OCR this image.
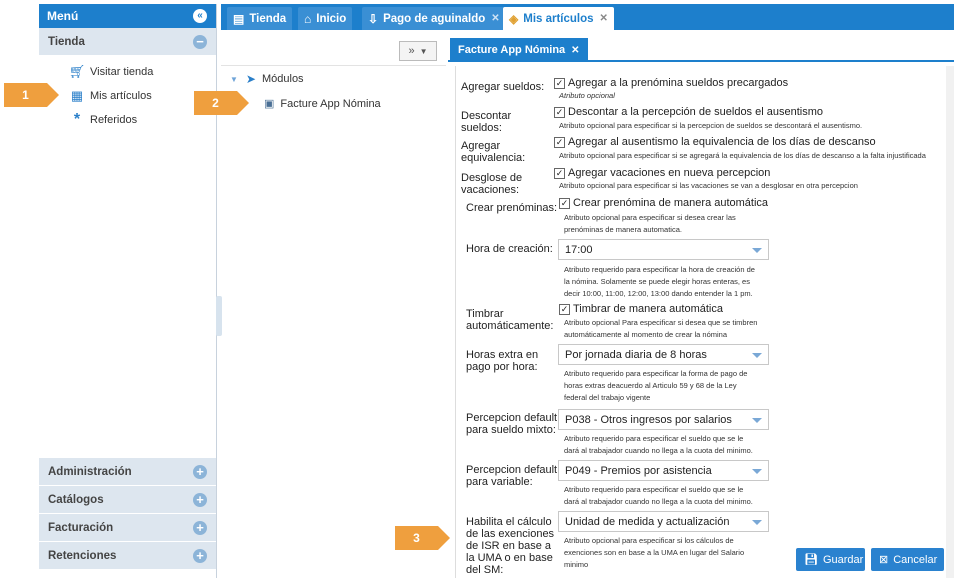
Menú	«
Tienda	−
🛒︎ Visitar tienda
▦ Mis artículos
* Referidos
Administración	+
Catálogos	+
Facturación	+
Retenciones	+
1
2
3
▤ Tienda ⌂ Inicio ⇩ Pago de aguinaldo ✕ ◈ Mis artículos ✕
» ▼
▼ ➤ Módulos
▣ Facture App Nómina
Facture App Nómina ✕
Agregar sueldos: ✓ Agregar a la prenómina sueldos precargados
Atributo opcional
Descontar
sueldos:
✓ Descontar a la percepción de sueldos el ausentismo
Atributo opcional para especificar si la percepcion de sueldos se descontará el ausentismo.
Agregar
equivalencia:
✓ Agregar al ausentismo la equivalencia de los días de descanso
Atributo opcional para especificar si se agregará la equivalencia de los días de descanso a la falta injustificada
Desglose de
vacaciones:
✓ Agregar vacaciones en nueva percepcion
Atributo opcional para especificar si las vacaciones se van a desglosar en otra percepcion
Crear prenóminas: ✓ Crear prenómina de manera automática
Atributo opcional para especificar si desea crear las
prenóminas de manera automatica.
Hora de creación: 17:00
Atributo requerido para especificar la hora de creación de
la nómina. Solamente se puede elegir horas enteras, es
decir 10:00, 11:00, 12:00, 13:00 dando entender la 1 pm.
Timbrar
automáticamente:
✓ Timbrar de manera automática
Atributo opcional Para especificar si desea que se timbren
automáticamente al momento de crear la nómina
Horas extra en
pago por hora:
Por jornada diaria de 8 horas
Atributo requerido para especificar la forma de pago de
horas extras deacuerdo al Articulo 59 y 68 de la Ley
federal del trabajo vigente
Percepcion default
para sueldo mixto:
P038 - Otros ingresos por salarios
Atributo requerido para especificar el sueldo que se le
dará al trabajador cuando no llega a la cuota del minimo.
Percepcion default
para variable:
P049 - Premios por asistencia
Atributo requerido para especificar el sueldo que se le
dará al trabajador cuando no llega a la cuota del minimo.
Habilita el cálculo
de las exenciones
de ISR en base a
la UMA o en base
del SM:
Unidad de medida y actualización
Atributo opcional para especificar si los cálculos de
exenciones son en base a la UMA en lugar del Salario
minimo	💾︎ Guardar ⊠ Cancelar
